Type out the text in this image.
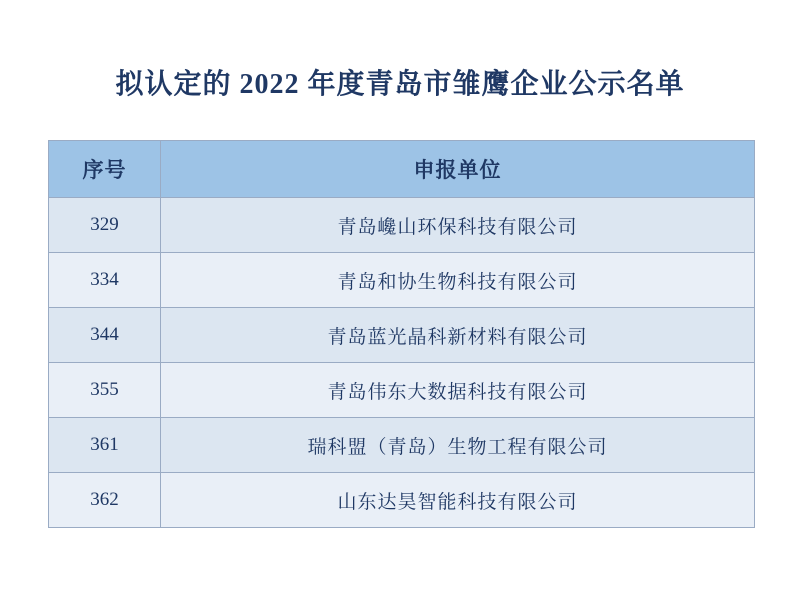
拟认定的 2022 年度青岛市雏鹰企业公示名单
序号	申报单位
329	青岛巉山环保科技有限公司
334	青岛和协生物科技有限公司
344	青岛蓝光晶科新材料有限公司
355	青岛伟东大数据科技有限公司
361	瑞科盟（青岛）生物工程有限公司
362	山东达昊智能科技有限公司
